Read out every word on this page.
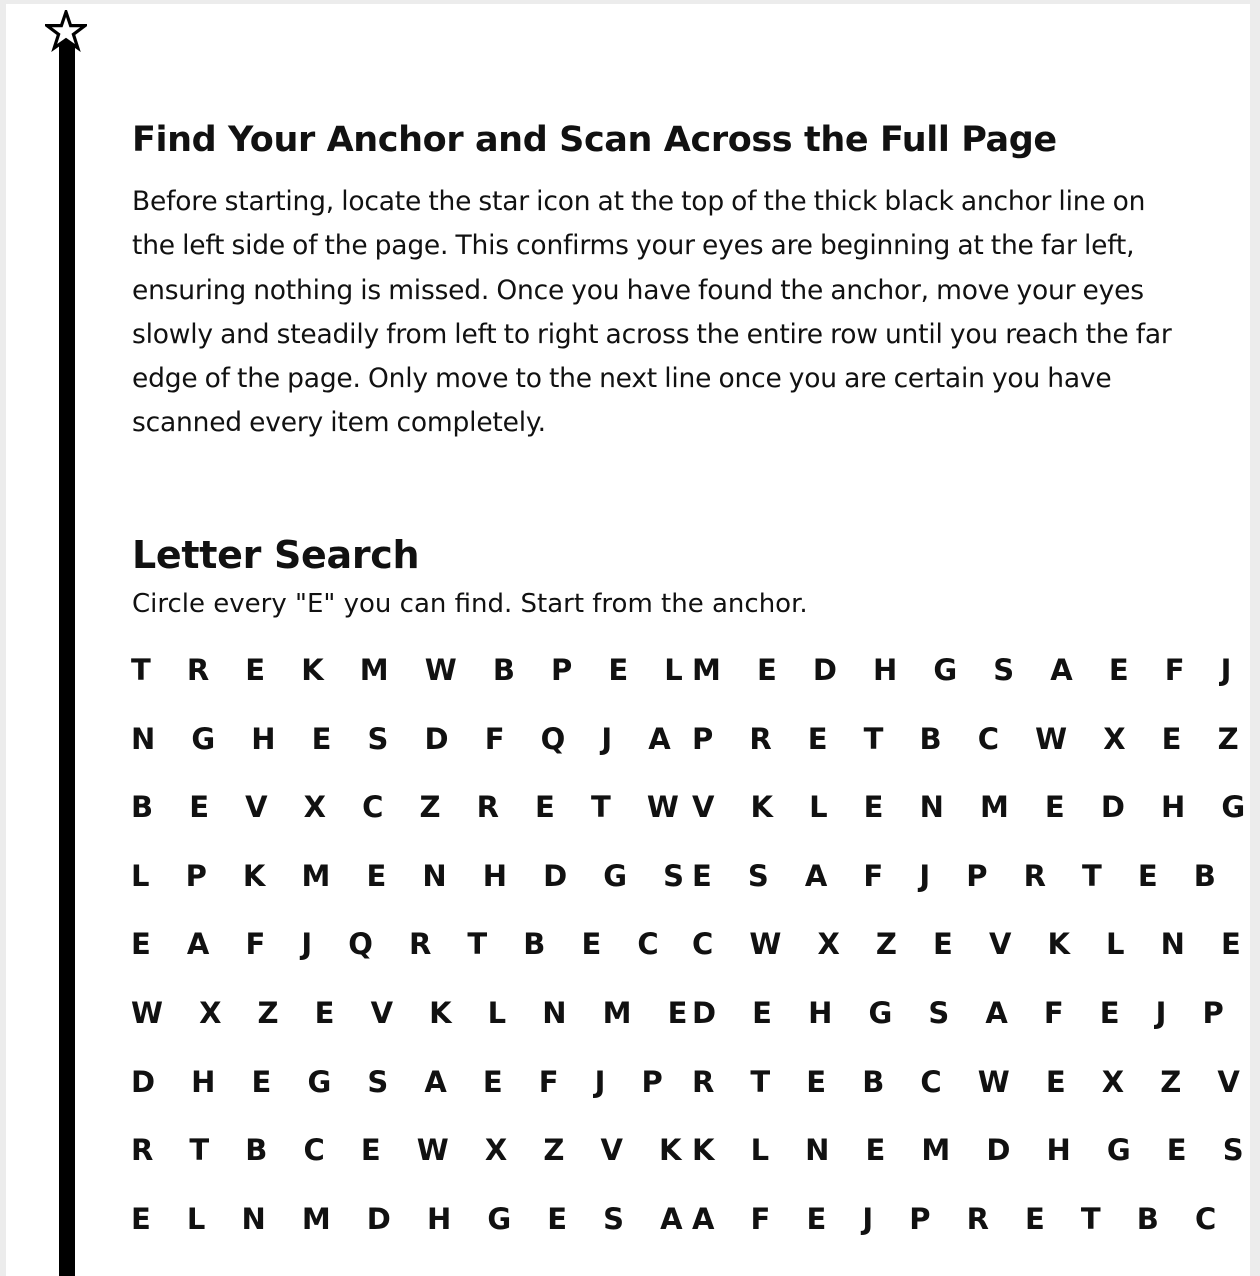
Find Your Anchor and Scan Across the Full Page

Before starting, locate the star icon at the top of the thick black anchor line on the left side of the page. This confirms your eyes are beginning at the far left, ensuring nothing is missed. Once you have found the anchor, move your eyes slowly and steadily from left to right across the entire row until you reach the far edge of the page. Only move to the next line once you are certain you have scanned every item completely.

Letter Search

Circle every "E" you can find. Start from the anchor.

T R E K M W B P E L
N G H E S D F Q J A
B E V X C Z R E T W
L P K M E N H D G S
E A F J Q R T B E C
W X Z E V K L N M E
D H E G S A E F J P
R T B C E W X Z V K
E L N M D H G E S A
M E D H G S A E F J
P R E T B C W X E Z
V K L E N M E D H G
E S A F J P R T E B
C W X Z E V K L N E
D E H G S A F E J P
R T E B C W E X Z V
K L N E M D H G E S
A F E J P R E T B C
